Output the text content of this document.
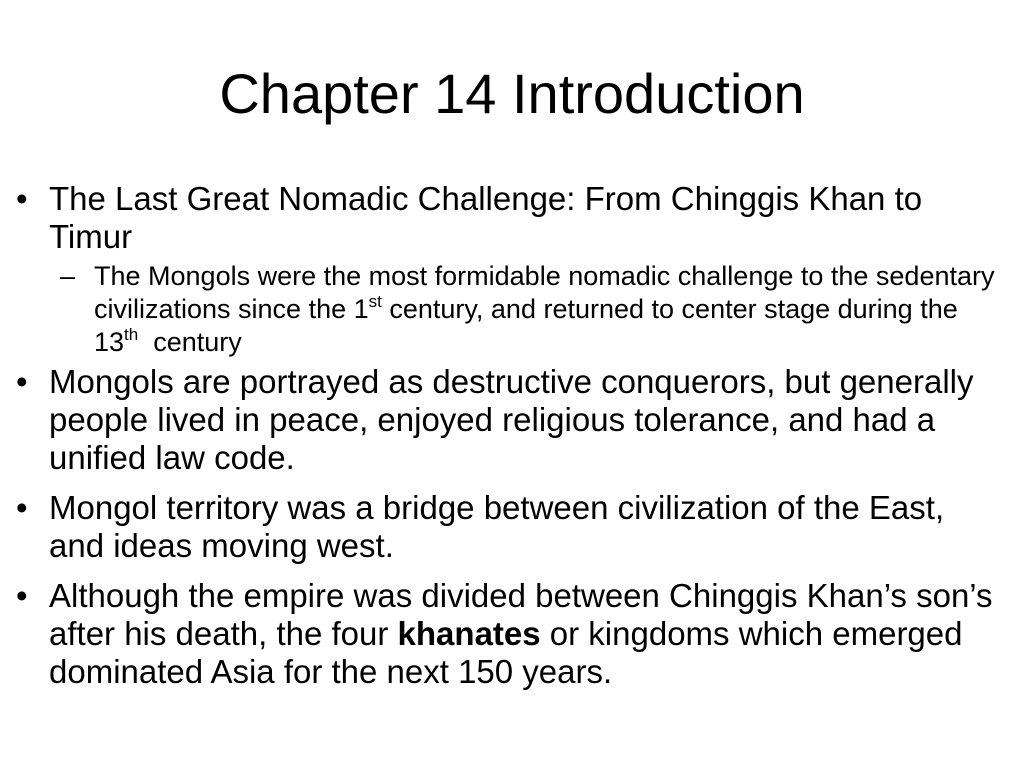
Chapter 14 Introduction
• The Last Great Nomadic Challenge: From Chinggis Khan to Timur
– The Mongols were the most formidable nomadic challenge to the sedentary civilizations since the 1st century, and returned to center stage during the 13th  century
• Mongols are portrayed as destructive conquerors, but generally people lived in peace, enjoyed religious tolerance, and had a unified law code.
• Mongol territory was a bridge between civilization of the East, and ideas moving west.
• Although the empire was divided between Chinggis Khan’s son’s after his death, the four khanates or kingdoms which emerged dominated Asia for the next 150 years.
